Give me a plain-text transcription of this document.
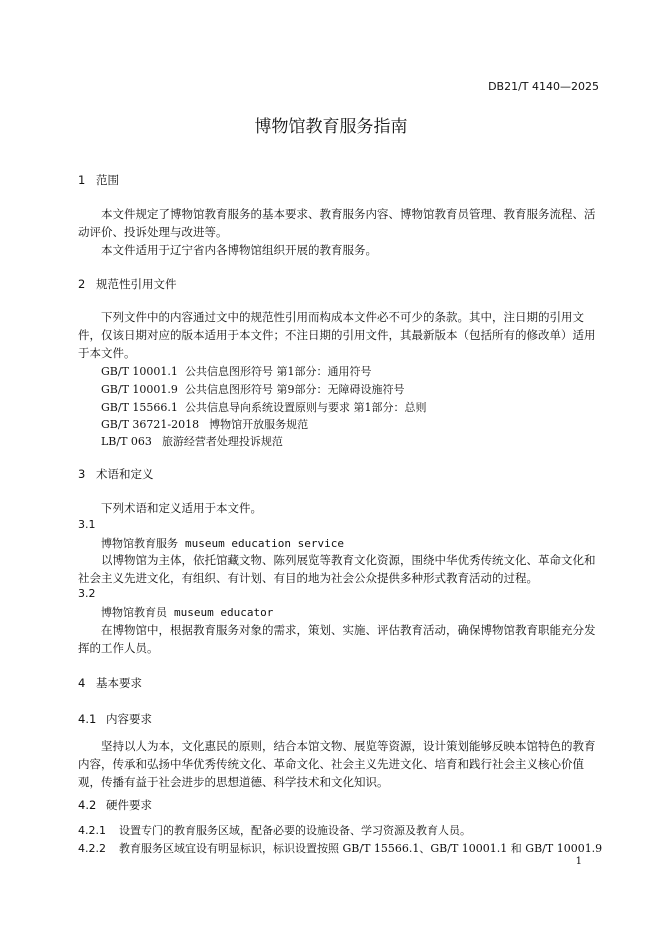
DB21/T 4140—2025
博物馆教育服务指南
1 范围
本文件规定了博物馆教育服务的基本要求、教育服务内容、博物馆教育员管理、教育服务流程、活动评价、投诉处理与改进等。
本文件适用于辽宁省内各博物馆组织开展的教育服务。
2 规范性引用文件
下列文件中的内容通过文中的规范性引用而构成本文件必不可少的条款。其中，注日期的引用文件，仅该日期对应的版本适用于本文件；不注日期的引用文件，其最新版本（包括所有的修改单）适用于本文件。
GB/T 10001.1 公共信息图形符号 第1部分：通用符号
GB/T 10001.9 公共信息图形符号 第9部分：无障碍设施符号
GB/T 15566.1 公共信息导向系统设置原则与要求 第1部分：总则
GB/T 36721-2018 博物馆开放服务规范
LB/T 063 旅游经营者处理投诉规范
3 术语和定义
下列术语和定义适用于本文件。
3.1
博物馆教育服务 museum education service
以博物馆为主体，依托馆藏文物、陈列展览等教育文化资源，围绕中华优秀传统文化、革命文化和社会主义先进文化，有组织、有计划、有目的地为社会公众提供多种形式教育活动的过程。
3.2
博物馆教育员 museum educator
在博物馆中，根据教育服务对象的需求，策划、实施、评估教育活动，确保博物馆教育职能充分发挥的工作人员。
4 基本要求
4.1 内容要求
坚持以人为本，文化惠民的原则，结合本馆文物、展览等资源，设计策划能够反映本馆特色的教育内容，传承和弘扬中华优秀传统文化、革命文化、社会主义先进文化、培育和践行社会主义核心价值观，传播有益于社会进步的思想道德、科学技术和文化知识。
4.2 硬件要求
4.2.1 设置专门的教育服务区域，配备必要的设施设备、学习资源及教育人员。
4.2.2 教育服务区域宜设有明显标识，标识设置按照 GB/T 15566.1、GB/T 10001.1 和 GB/T 10001.9
1
